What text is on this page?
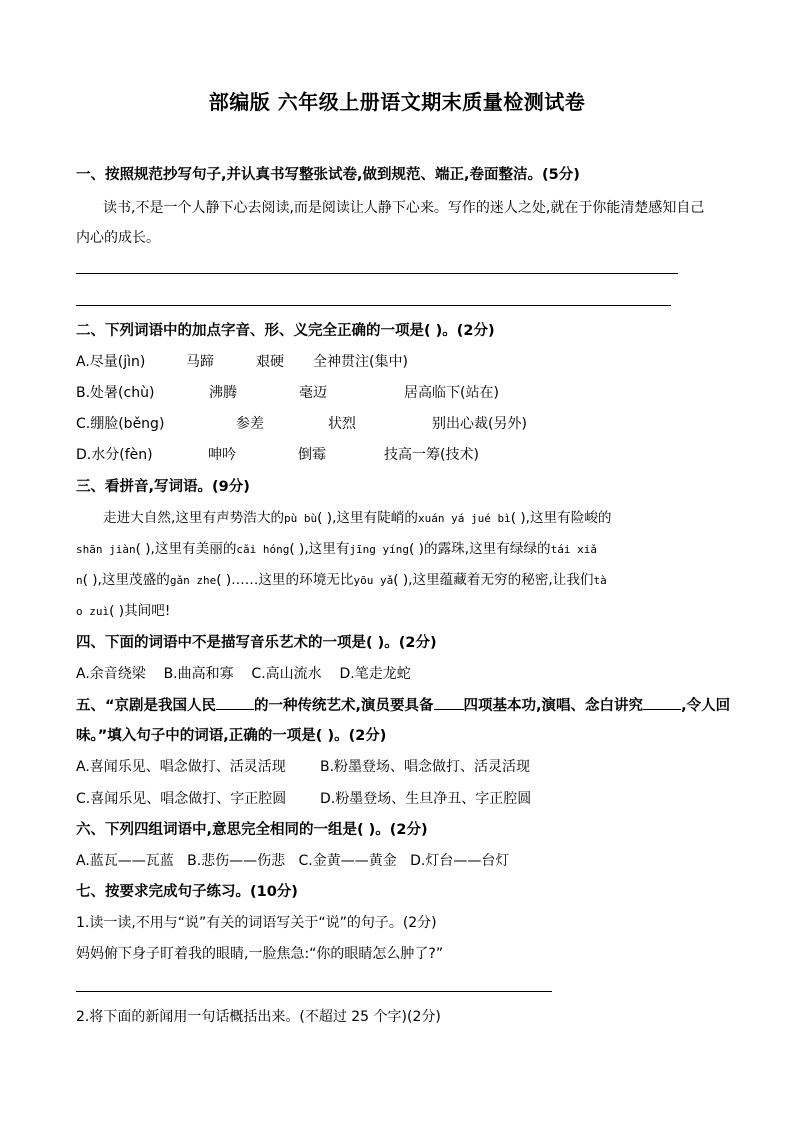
部编版 六年级上册语文期末质量检测试卷
一、按照规范抄写句子,并认真书写整张试卷,做到规范、端正,卷面整洁。(5分)
读书,不是一个人静下心去阅读,而是阅读让人静下心来。写作的迷人之处,就在于你能清楚感知自己
内心的成长。
二、下列词语中的加点字音、形、义完全正确的一项是( )。(2分)
A.尽量(jìn)	马蹄	艰硬 全神贯注(集中)
B.处暑(chù)	沸腾	毫迈	居高临下(站在)
C.绷脸(běng)	参差	状烈	别出心裁(另外)
D.水分(fèn)	呻吟	倒霉	技高一筹(技术)
三、看拼音,写词语。(9分)
走进大自然,这里有声势浩大的pù bù( ),这里有陡峭的xuán yá jué bì( ),这里有险峻的
shān jiàn( ),这里有美丽的cǎi hóng( ),这里有jīng yíng( )的露珠,这里有绿绿的tái xiǎ
n( ),这里茂盛的gǎn zhe( )……这里的环境无比yōu yǎ( ),这里蕴藏着无穷的秘密,让我们tà
o zuì( )其间吧!
四、下面的词语中不是描写音乐艺术的一项是( )。(2分)
A.余音绕梁    B.曲高和寡    C.高山流水    D.笔走龙蛇
五、“京剧是我国人民	的一种传统艺术,演员要具备 四项基本功,演唱、念白讲究	,令人回
味。”填入句子中的词语,正确的一项是( )。(2分)
A.喜闻乐见、唱念做打、活灵活现 B.粉墨登场、唱念做打、活灵活现
C.喜闻乐见、唱念做打、字正腔圆 D.粉墨登场、生旦净丑、字正腔圆
六、下列四组词语中,意思完全相同的一组是( )。(2分)
A.蓝瓦——瓦蓝   B.悲伤——伤悲   C.金黄——黄金   D.灯台——台灯
七、按要求完成句子练习。(10分)
1.读一读,不用与“说”有关的词语写关于“说”的句子。(2分)
妈妈俯下身子盯着我的眼睛,一脸焦急:“你的眼睛怎么肿了?”
2.将下面的新闻用一句话概括出来。(不超过 25 个字)(2分)
